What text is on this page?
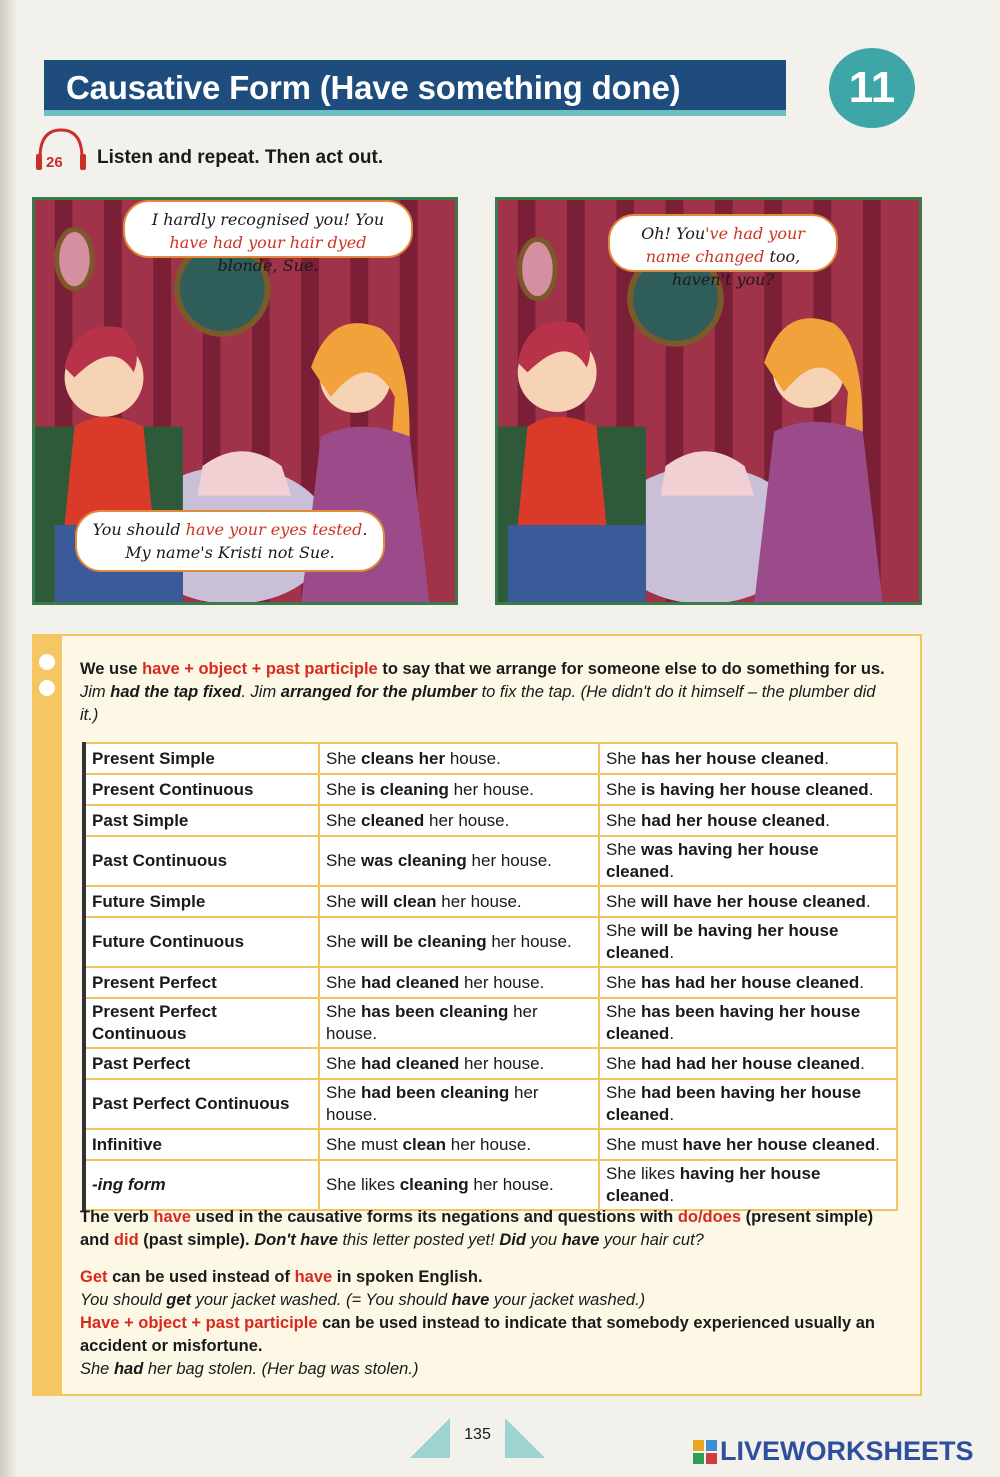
Causative Form (Have something done)	11
26 Listen and repeat. Then act out.
I hardly recognised you! You have had your hair dyed blonde, Sue.
You should have your eyes tested. My name's Kristi not Sue.
Oh! You've had your name changed too, haven't you?
We use have + object + past participle to say that we arrange for someone else to do something for us. Jim had the tap fixed. Jim arranged for the plumber to fix the tap. (He didn't do it himself – the plumber did it.)
Present Simple	She cleans her house.	She has her house cleaned.
Present Continuous	She is cleaning her house.	She is having her house cleaned.
Past Simple	She cleaned her house.	She had her house cleaned.
Past Continuous	She was cleaning her house.	She was having her house cleaned.
Future Simple	She will clean her house.	She will have her house cleaned.
Future Continuous	She will be cleaning her house.	She will be having her house cleaned.
Present Perfect	She had cleaned her house.	She has had her house cleaned.
Present Perfect Continuous	She has been cleaning her house.	She has been having her house cleaned.
Past Perfect	She had cleaned her house.	She had had her house cleaned.
Past Perfect Continuous	She had been cleaning her house.	She had been having her house cleaned.
Infinitive	She must clean her house.	She must have her house cleaned.
-ing form	She likes cleaning her house.	She likes having her house cleaned.
The verb have used in the causative forms its negations and questions with do/does (present simple) and did (past simple). Don't have this letter posted yet! Did you have your hair cut?
Get can be used instead of have in spoken English.
You should get your jacket washed. (= You should have your jacket washed.)
Have + object + past participle can be used instead to indicate that somebody experienced usually an accident or misfortune.
She had her bag stolen. (Her bag was stolen.)
135
LIVEWORKSHEETS
